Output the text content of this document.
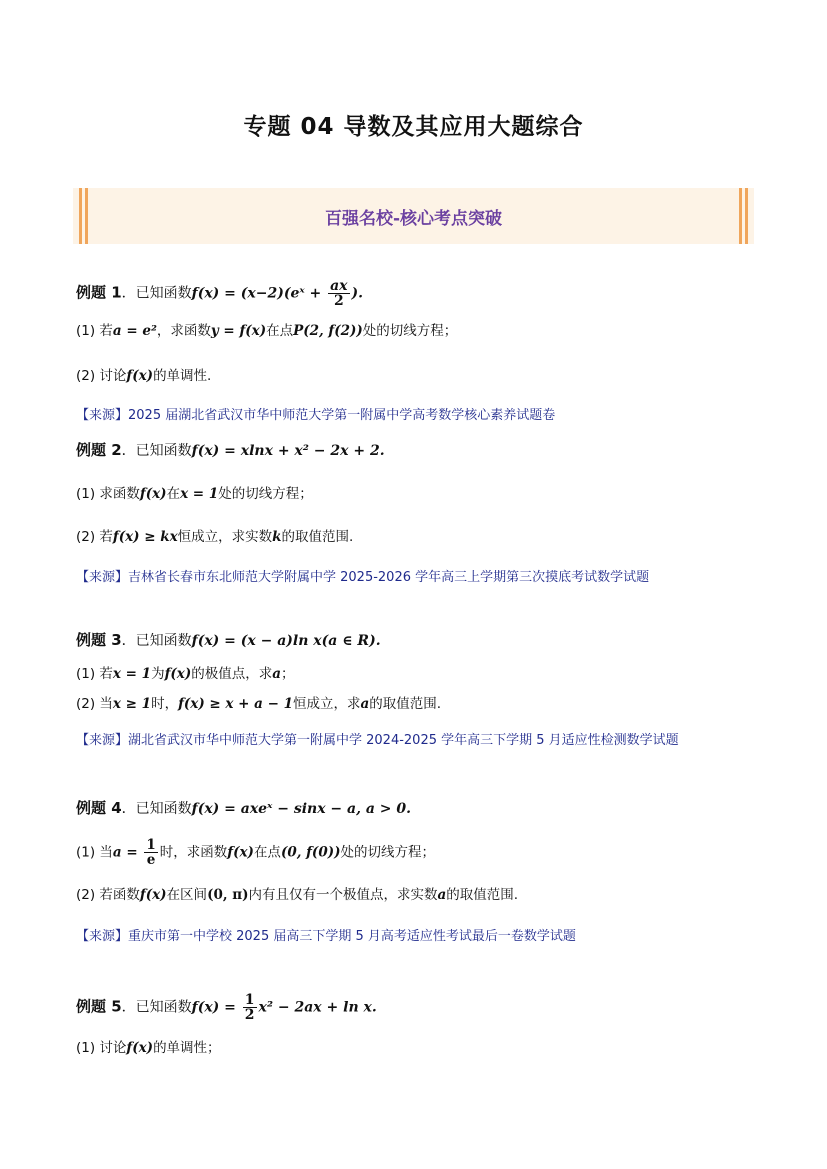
专题 04 导数及其应用大题综合
百强名校-核心考点突破
例题 1．已知函数f(x) = (x−2)(eˣ + $\frac{ax}{2}$ ).
(1) 若a = e²，求函数y = f(x)在点P(2, f(2))处的切线方程；
(2) 讨论f(x)的单调性.
【来源】2025 届湖北省武汉市华中师范大学第一附属中学高考数学核心素养试题卷
例题 2．已知函数f(x) = xlnx + x² − 2x + 2.
(1) 求函数f(x)在x = 1处的切线方程；
(2) 若f(x) ≥ kx恒成立，求实数k的取值范围.
【来源】吉林省长春市东北师范大学附属中学 2025-2026 学年高三上学期第三次摸底考试数学试题
例题 3．已知函数f(x) = (x − a)ln x(a ∈ R).
(1) 若x = 1为f(x)的极值点，求a；
(2) 当x ≥ 1时，f(x) ≥ x + a − 1恒成立，求a的取值范围.
【来源】湖北省武汉市华中师范大学第一附属中学 2024-2025 学年高三下学期 5 月适应性检测数学试题
例题 4．已知函数f(x) = axeˣ − sinx − a, a > 0.
(1) 当$a = \frac{1}{e}$ 时，求函数f(x)在点(0, f(0))处的切线方程；
(2) 若函数f(x)在区间(0, π)内有且仅有一个极值点，求实数a的取值范围.
【来源】重庆市第一中学校 2025 届高三下学期 5 月高考适应性考试最后一卷数学试题
例题 5．已知函数$f(x) = \frac{1}{2} x^2 - 2ax + \ln x$.
(1) 讨论f(x)的单调性；
